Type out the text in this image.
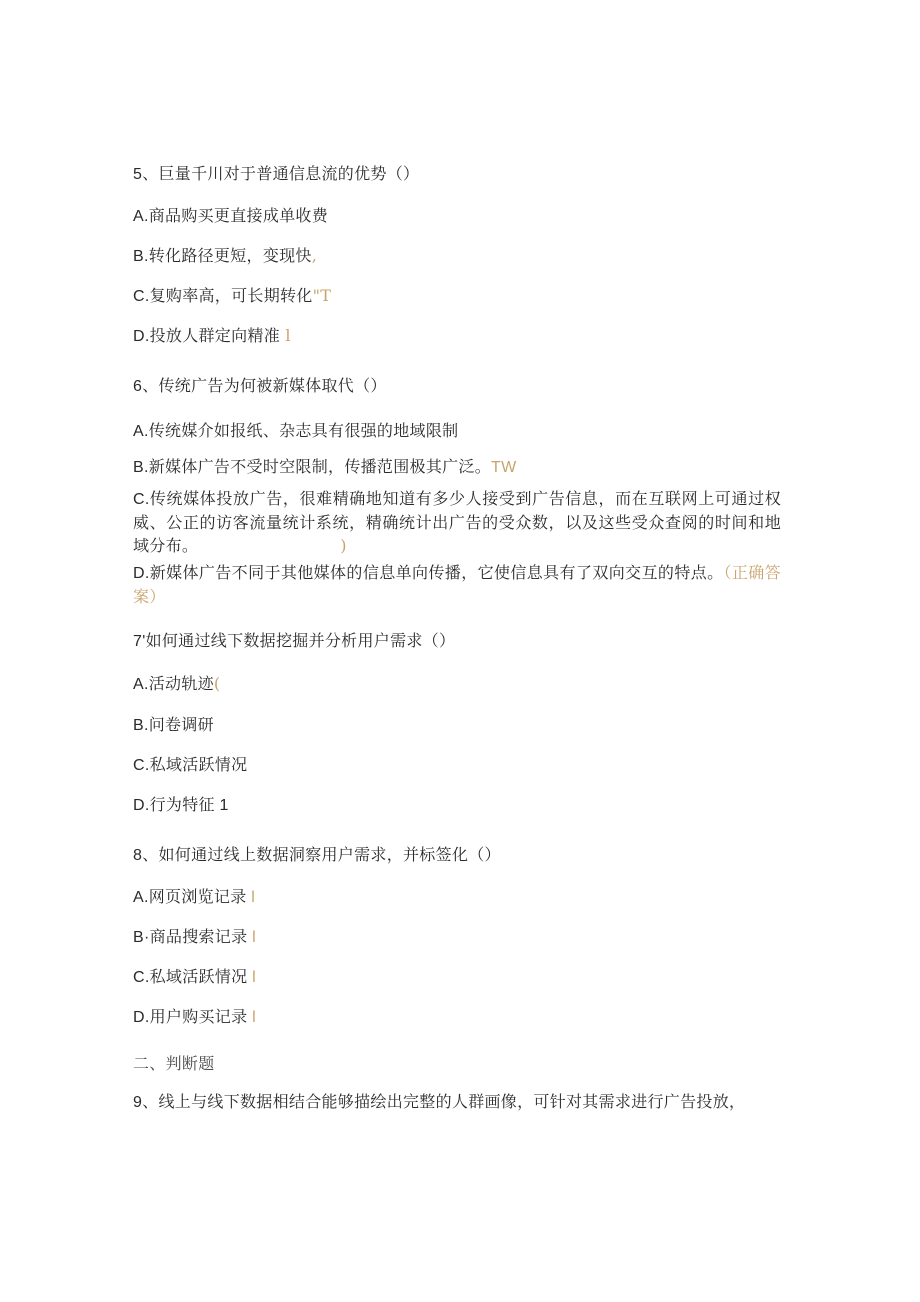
5、巨量千川对于普通信息流的优势（）
A.商品购买更直接成单收费
B.转化路径更短，变现快,
C.复购率高，可长期转化"T
D.投放人群定向精准 l
6、传统广告为何被新媒体取代（）
A.传统媒介如报纸、杂志具有很强的地域限制
B.新媒体广告不受时空限制，传播范围极其广泛。TW
C.传统媒体投放广告，很难精确地知道有多少人接受到广告信息，而在互联网上可通过权威、公正的访客流量统计系统，精确统计出广告的受众数，以及这些受众查阅的时间和地域分布。	)
D.新媒体广告不同于其他媒体的信息单向传播，它使信息具有了双向交互的特点。（正确答案）
7'如何通过线下数据挖掘并分析用户需求（）
A.活动轨迹(
B.问卷调研
C.私域活跃情况
D.行为特征 1
8、如何通过线上数据洞察用户需求，并标签化（）
A.网页浏览记录 l
B·商品搜索记录 l
C.私域活跃情况 l
D.用户购买记录 l
二、判断题
9、线上与线下数据相结合能够描绘出完整的人群画像，可针对其需求进行广告投放，
